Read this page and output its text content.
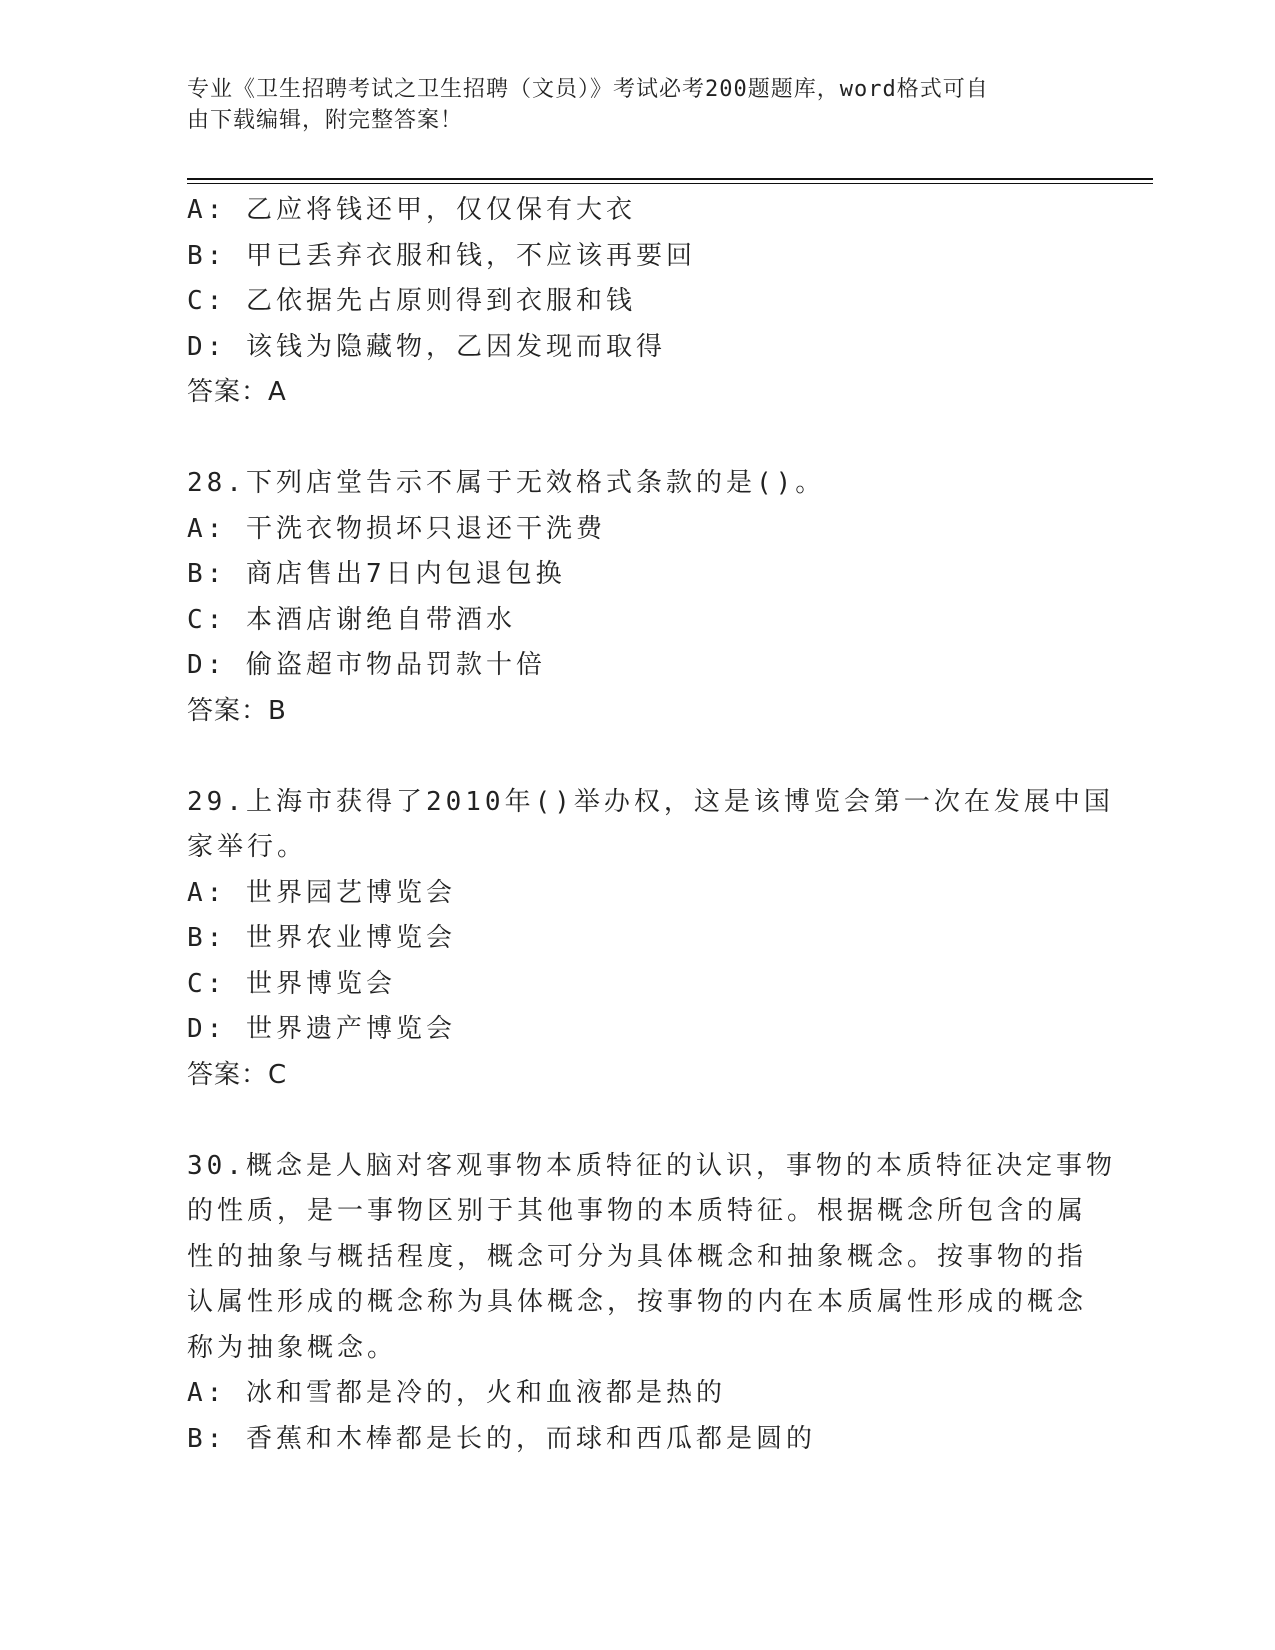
专业《卫生招聘考试之卫生招聘（文员）》考试必考200题题库，word格式可自
由下载编辑，附完整答案！
A: 乙应将钱还甲，仅仅保有大衣
B: 甲已丢弃衣服和钱，不应该再要回
C: 乙依据先占原则得到衣服和钱
D: 该钱为隐藏物，乙因发现而取得
答案：A
28.下列店堂告示不属于无效格式条款的是()。
A: 干洗衣物损坏只退还干洗费
B: 商店售出7日内包退包换
C: 本酒店谢绝自带酒水
D: 偷盗超市物品罚款十倍
答案：B
29.上海市获得了2010年()举办权，这是该博览会第一次在发展中国
家举行。
A: 世界园艺博览会
B: 世界农业博览会
C: 世界博览会
D: 世界遗产博览会
答案：C
30.概念是人脑对客观事物本质特征的认识，事物的本质特征决定事物
的性质，是一事物区别于其他事物的本质特征。根据概念所包含的属
性的抽象与概括程度，概念可分为具体概念和抽象概念。按事物的指
认属性形成的概念称为具体概念，按事物的内在本质属性形成的概念
称为抽象概念。
A: 冰和雪都是冷的，火和血液都是热的
B: 香蕉和木棒都是长的，而球和西瓜都是圆的
